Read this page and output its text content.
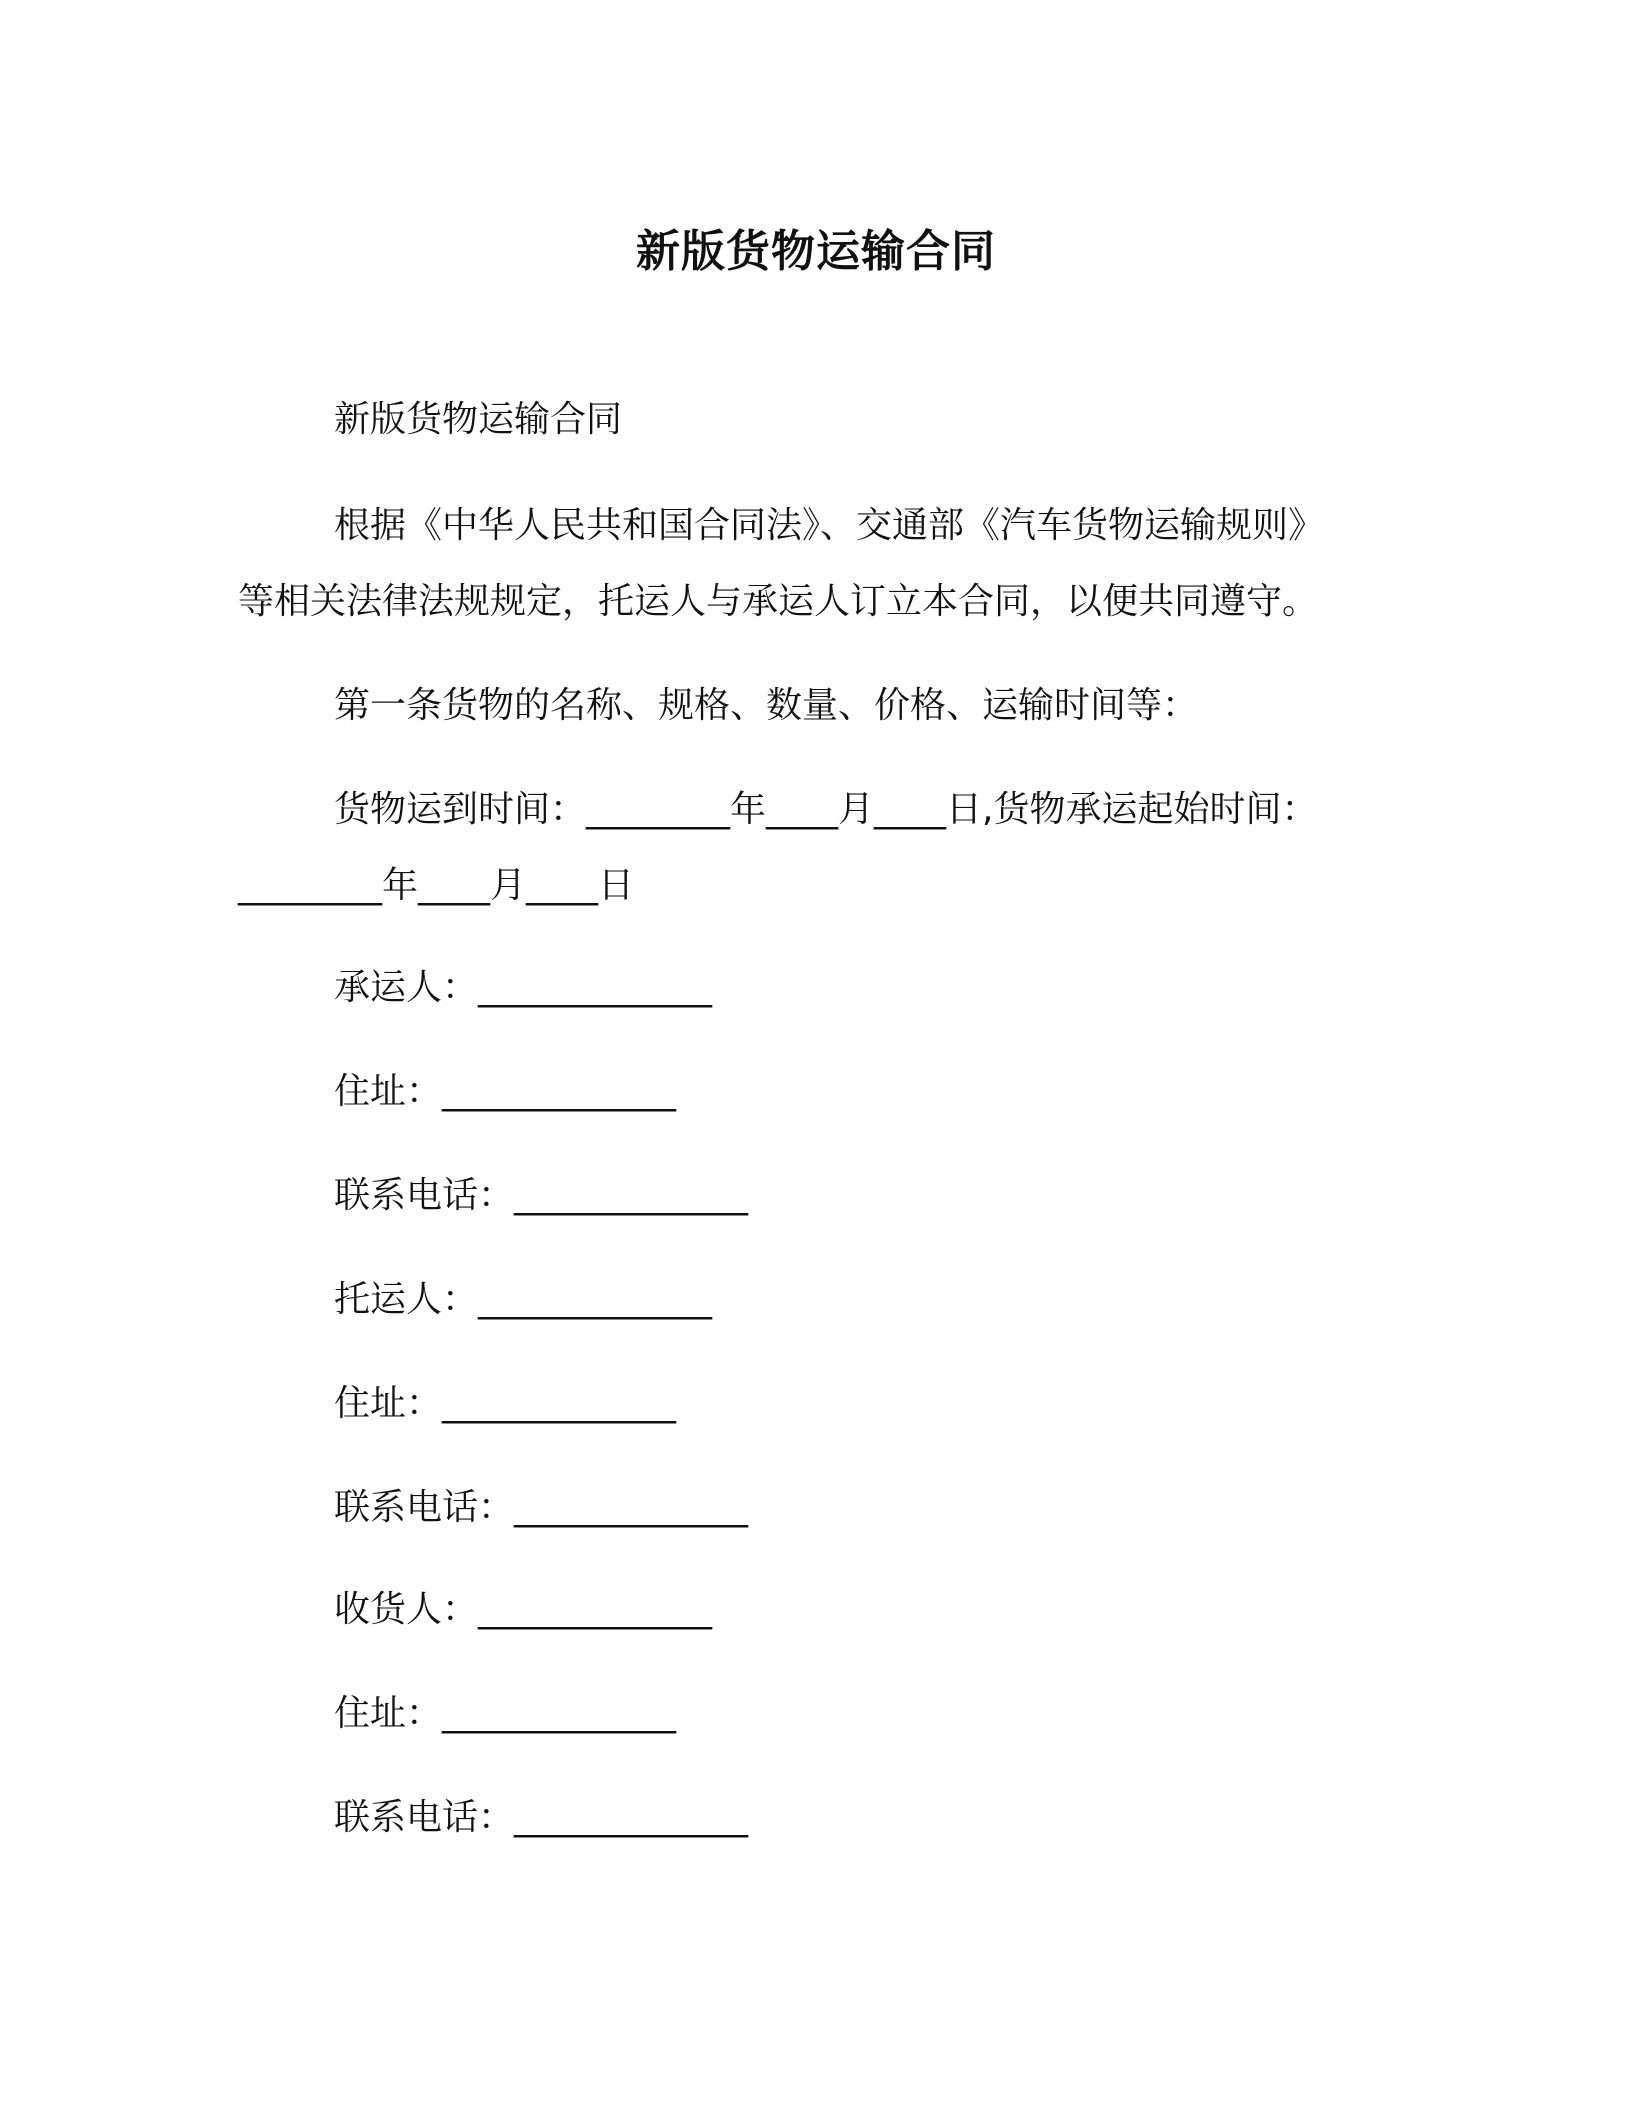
新版货物运输合同
新版货物运输合同
根据《中华人民共和国合同法》、交通部《汽车货物运输规则》
等相关法律法规规定，托运人与承运人订立本合同，以便共同遵守。
第一条货物的名称、规格、数量、价格、运输时间等：
货物运到时间：________年____月____日,货物承运起始时间：
________年____月____日
承运人：_____________
住址：_____________
联系电话：_____________
托运人：_____________
住址：_____________
联系电话：_____________
收货人：_____________
住址：_____________
联系电话：_____________
